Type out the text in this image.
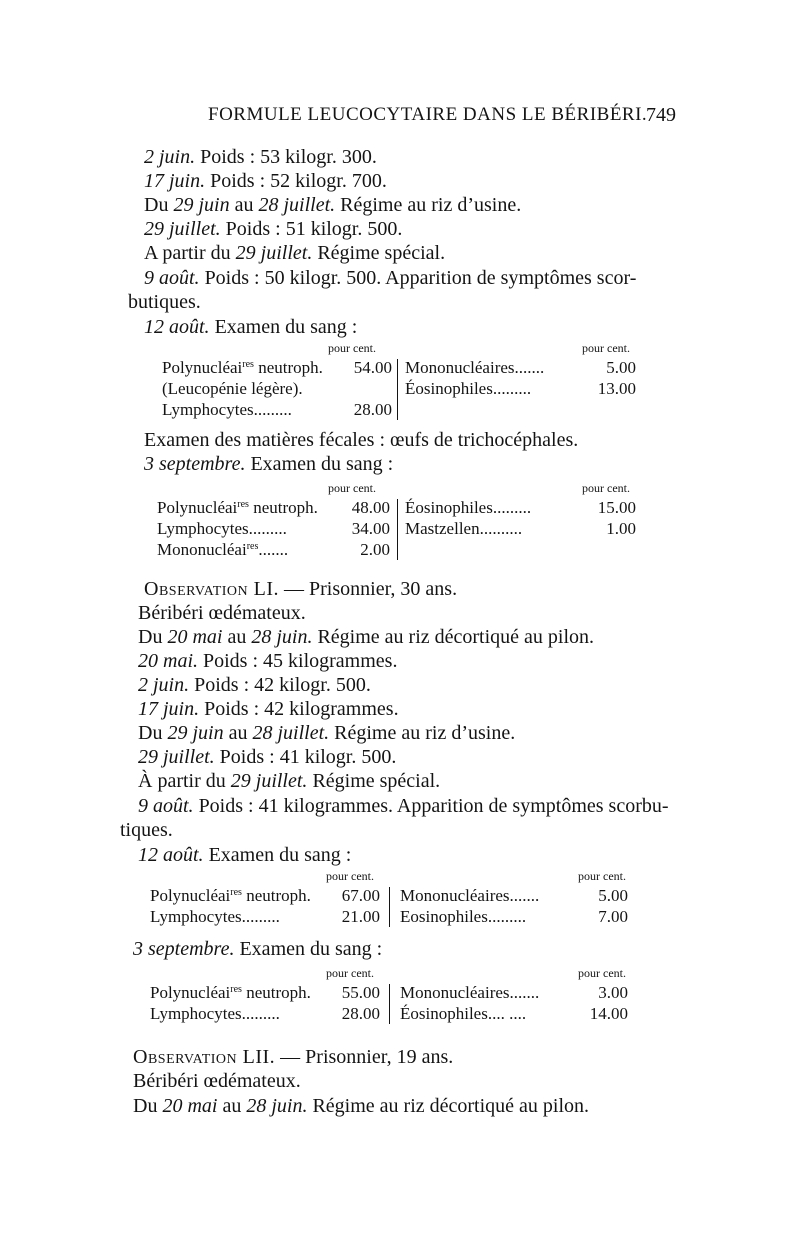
FORMULE LEUCOCYTAIRE DANS LE BÉRIBÉRI.
749
2 juin. Poids : 53 kilogr. 300.
17 juin. Poids : 52 kilogr. 700.
Du 29 juin au 28 juillet. Régime au riz d’usine.
29 juillet. Poids : 51 kilogr. 500.
A partir du 29 juillet. Régime spécial.
9 août. Poids : 50 kilogr. 500. Apparition de symptômes scor-
butiques.
12 août. Examen du sang :
pour cent.	pour cent.
Polynucléai$^{res}$ neutroph.	54.00
(Leucopénie légère).
Lymphocytes.........	28.00
Mononucléaires.......	5.00
Éosinophiles.........	13.00
Examen des matières fécales : œufs de trichocéphales.
3 septembre. Examen du sang :
pour cent.	pour cent.
Polynucléai$^{res}$ neutroph.	48.00
Lymphocytes.........	34.00
Mononucléai$^{res}$.......	2.00
Éosinophiles.........	15.00
Mastzellen..........	1.00
Observation LI. — Prisonnier, 30 ans.
Béribéri œdémateux.
Du 20 mai au 28 juin. Régime au riz décortiqué au pilon.
20 mai. Poids : 45 kilogrammes.
2 juin. Poids : 42 kilogr. 500.
17 juin. Poids : 42 kilogrammes.
Du 29 juin au 28 juillet. Régime au riz d’usine.
29 juillet. Poids : 41 kilogr. 500.
À partir du 29 juillet. Régime spécial.
9 août. Poids : 41 kilogrammes. Apparition de symptômes scorbu-
tiques.
12 août. Examen du sang :
pour cent.	pour cent.
Polynucléai$^{res}$ neutroph.	67.00
Lymphocytes.........	21.00
Mononucléaires.......	5.00
Eosinophiles.........	7.00
3 septembre. Examen du sang :
pour cent.	pour cent.
Polynucléai$^{res}$ neutroph.	55.00
Lymphocytes.........	28.00
Mononucléaires.......	3.00
Éosinophiles.... ....	14.00
Observation LII. — Prisonnier, 19 ans.
Béribéri œdémateux.
Du 20 mai au 28 juin. Régime au riz décortiqué au pilon.
